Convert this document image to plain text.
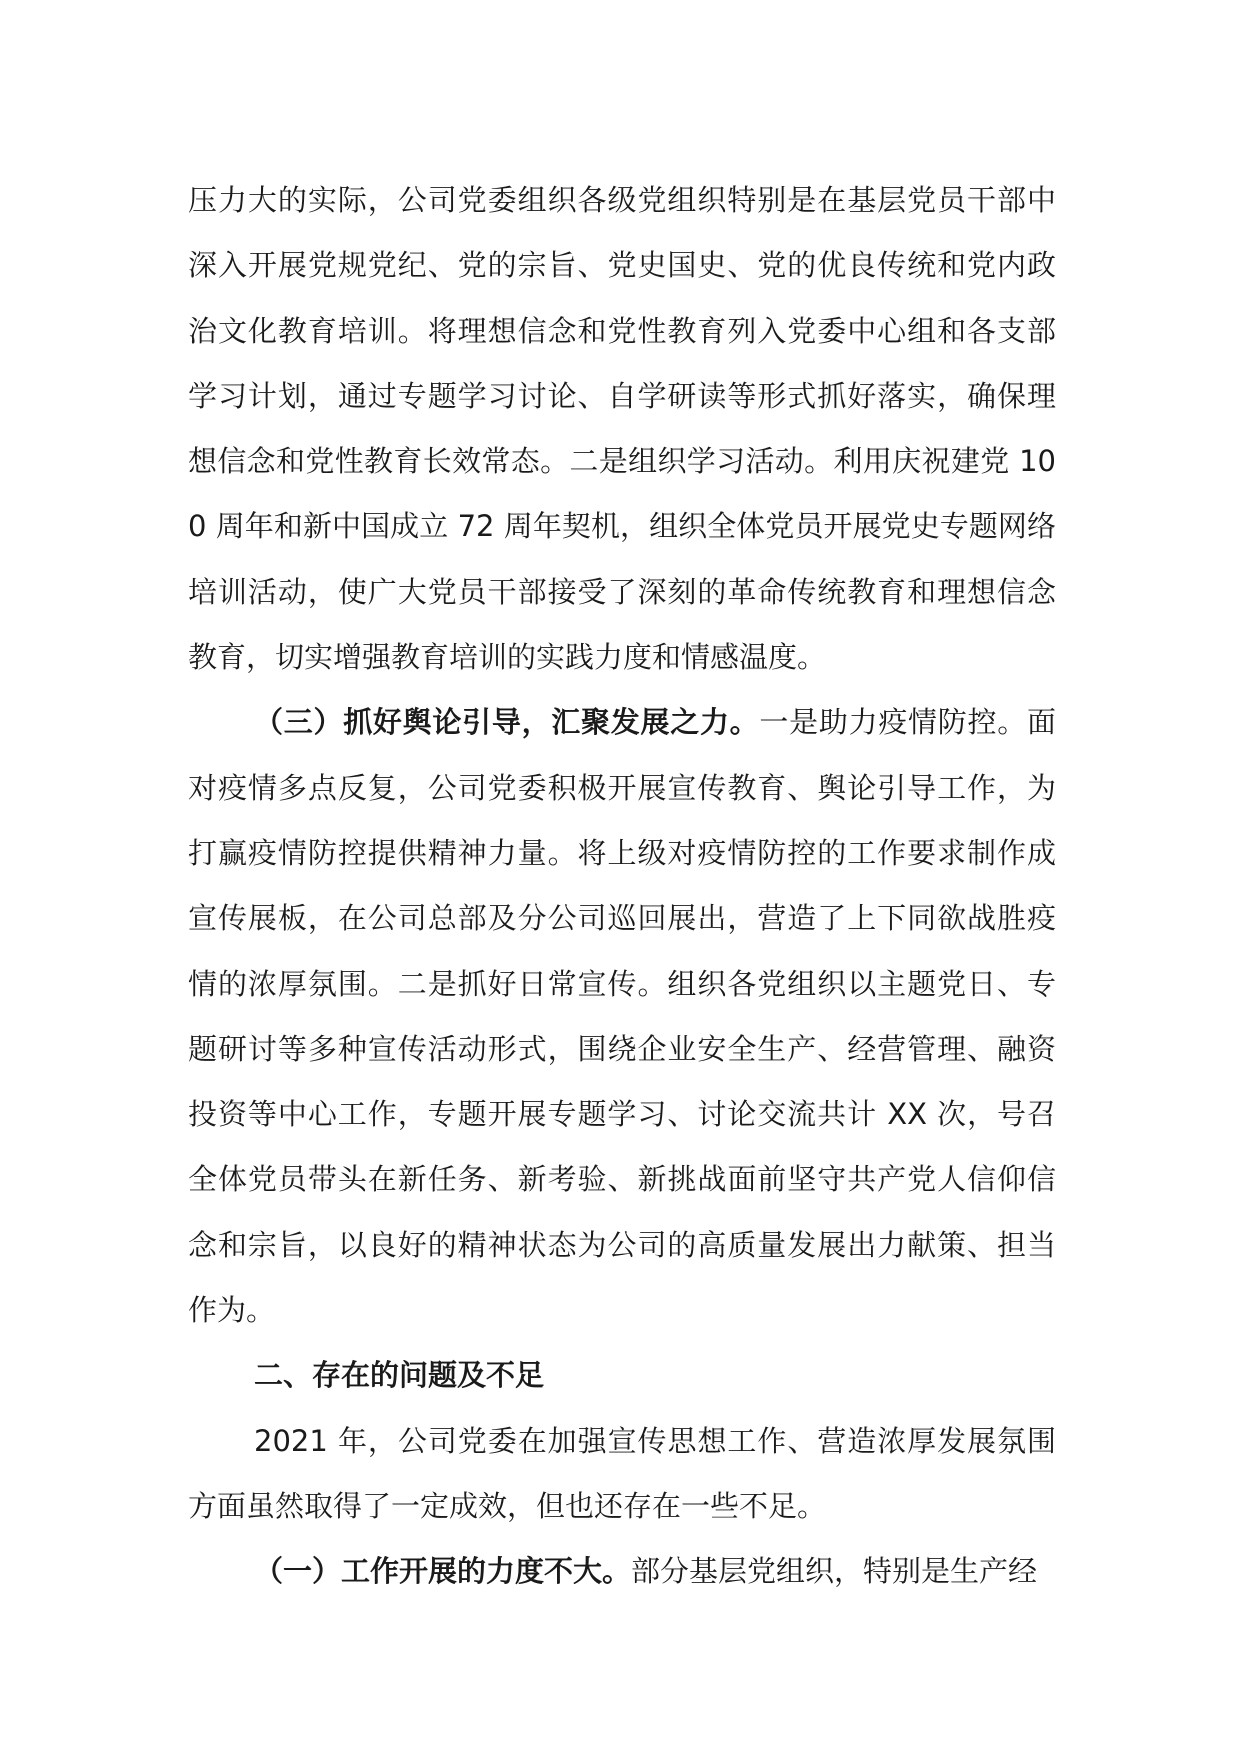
压力大的实际，公司党委组织各级党组织特别是在基层党员干部中深入开展党规党纪、党的宗旨、党史国史、党的优良传统和党内政治文化教育培训。将理想信念和党性教育列入党委中心组和各支部学习计划，通过专题学习讨论、自学研读等形式抓好落实，确保理想信念和党性教育长效常态。二是组织学习活动。利用庆祝建党 100 周年和新中国成立 72 周年契机，组织全体党员开展党史专题网络培训活动，使广大党员干部接受了深刻的革命传统教育和理想信念教育，切实增强教育培训的实践力度和情感温度。

（三）抓好舆论引导，汇聚发展之力。一是助力疫情防控。面对疫情多点反复，公司党委积极开展宣传教育、舆论引导工作，为打赢疫情防控提供精神力量。将上级对疫情防控的工作要求制作成宣传展板，在公司总部及分公司巡回展出，营造了上下同欲战胜疫情的浓厚氛围。二是抓好日常宣传。组织各党组织以主题党日、专题研讨等多种宣传活动形式，围绕企业安全生产、经营管理、融资投资等中心工作，专题开展专题学习、讨论交流共计 XX 次，号召全体党员带头在新任务、新考验、新挑战面前坚守共产党人信仰信念和宗旨，以良好的精神状态为公司的高质量发展出力献策、担当作为。

二、存在的问题及不足

2021 年，公司党委在加强宣传思想工作、营造浓厚发展氛围方面虽然取得了一定成效，但也还存在一些不足。

（一）工作开展的力度不大。部分基层党组织，特别是生产经
